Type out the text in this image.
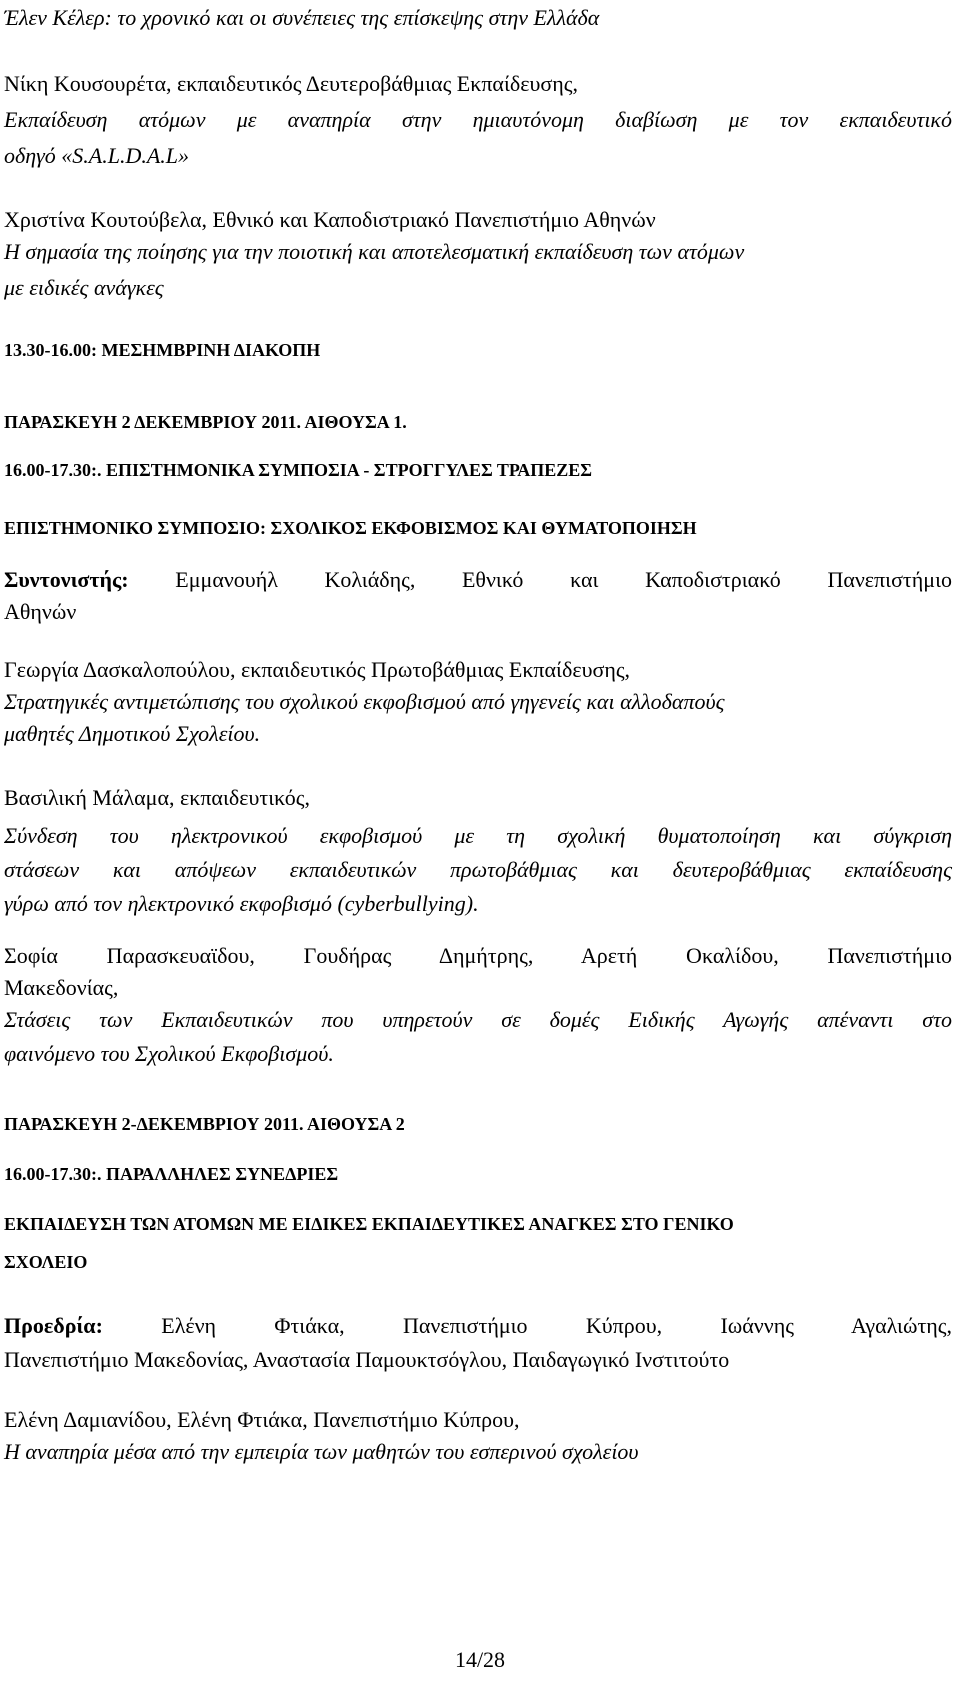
Έλεν Κέλερ: το χρονικό και οι συνέπειες της επίσκεψης στην Ελλάδα
Νίκη Κουσουρέτα, εκπαιδευτικός Δευτεροβάθμιας Εκπαίδευσης,
Εκπαίδευση ατόμων με αναπηρία στην ημιαυτόνομη διαβίωση με τον εκπαιδευτικό
οδηγό «S.A.L.D.A.L»
Χριστίνα Κουτούβελα, Εθνικό και Καποδιστριακό Πανεπιστήμιο Αθηνών
Η σημασία της ποίησης για την ποιοτική και αποτελεσματική εκπαίδευση των ατόμων
με ειδικές ανάγκες
13.30-16.00: ΜΕΣΗΜΒΡΙΝΗ ΔΙΑΚΟΠΗ
ΠΑΡΑΣΚΕΥΗ 2 ΔΕΚΕΜΒΡΙΟΥ 2011. ΑΙΘΟΥΣΑ 1.
16.00-17.30:. ΕΠΙΣΤΗΜΟΝΙΚΑ ΣΥΜΠΟΣΙΑ - ΣΤΡΟΓΓΥΛΕΣ ΤΡΑΠΕΖΕΣ
ΕΠΙΣΤΗΜΟΝΙΚΟ ΣΥΜΠΟΣΙΟ: ΣΧΟΛΙΚΟΣ ΕΚΦΟΒΙΣΜΟΣ ΚΑΙ ΘΥΜΑΤΟΠΟΙΗΣΗ
Συντονιστής: Εμμανουήλ Κολιάδης, Εθνικό και Καποδιστριακό Πανεπιστήμιο
Αθηνών
Γεωργία Δασκαλοπούλου, εκπαιδευτικός Πρωτοβάθμιας Εκπαίδευσης,
Στρατηγικές αντιμετώπισης του σχολικού εκφοβισμού από γηγενείς και αλλοδαπούς
μαθητές Δημοτικού Σχολείου.
Βασιλική Μάλαμα, εκπαιδευτικός,
Σύνδεση του ηλεκτρονικού εκφοβισμού με τη σχολική θυματοποίηση και σύγκριση
στάσεων και απόψεων εκπαιδευτικών πρωτοβάθμιας και δευτεροβάθμιας εκπαίδευσης
γύρω από τον ηλεκτρονικό εκφοβισμό (cyberbullying).
Σοφία Παρασκευαϊδου, Γουδήρας Δημήτρης, Αρετή Οκαλίδου, Πανεπιστήμιο
Μακεδονίας,
Στάσεις των Εκπαιδευτικών που υπηρετούν σε δομές Ειδικής Αγωγής απέναντι στο
φαινόμενο του Σχολικού Εκφοβισμού.
ΠΑΡΑΣΚΕΥΗ 2-ΔΕΚΕΜΒΡΙΟΥ 2011. ΑΙΘΟΥΣΑ 2
16.00-17.30:. ΠΑΡΑΛΛΗΛΕΣ ΣΥΝΕΔΡΙΕΣ
ΕΚΠΑΙΔΕΥΣΗ ΤΩΝ ΑΤΟΜΩΝ ΜΕ ΕΙΔΙΚΕΣ ΕΚΠΑΙΔΕΥΤΙΚΕΣ ΑΝΑΓΚΕΣ ΣΤΟ ΓΕΝΙΚΟ
ΣΧΟΛΕΙΟ
Προεδρία:	Ελένη Φτιάκα, Πανεπιστήμιο Κύπρου, Ιωάννης Αγαλιώτης,
Πανεπιστήμιο Μακεδονίας, Αναστασία Παμουκτσόγλου, Παιδαγωγικό Ινστιτούτο
Ελένη Δαμιανίδου, Ελένη Φτιάκα, Πανεπιστήμιο Κύπρου,
Η αναπηρία μέσα από την εμπειρία των μαθητών του εσπερινού σχολείου
14/28
